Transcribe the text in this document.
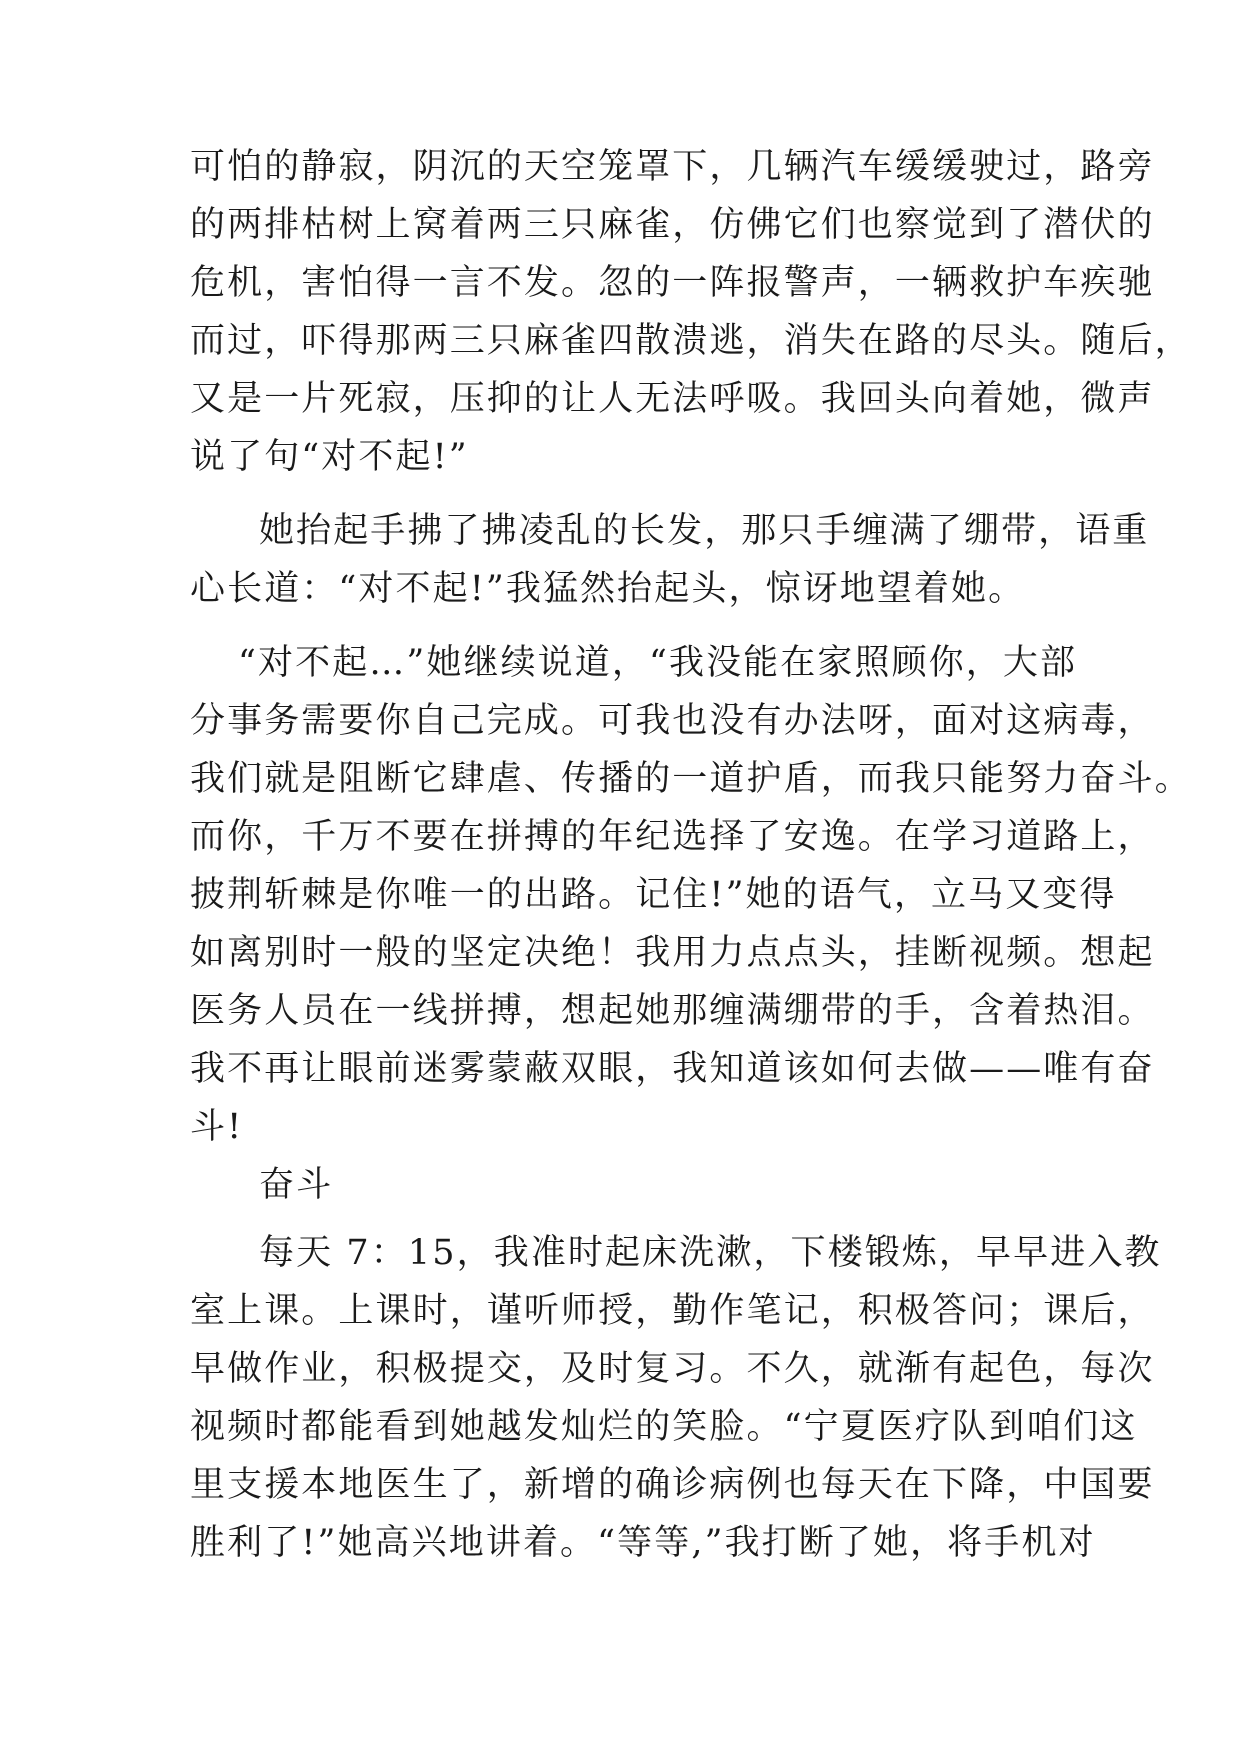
可怕的静寂，阴沉的天空笼罩下，几辆汽车缓缓驶过，路旁
的两排枯树上窝着两三只麻雀，仿佛它们也察觉到了潜伏的
危机，害怕得一言不发。忽的一阵报警声，一辆救护车疾驰
而过，吓得那两三只麻雀四散溃逃，消失在路的尽头。随后，
又是一片死寂，压抑的让人无法呼吸。我回头向着她，微声
说了句“对不起!”
她抬起手拂了拂凌乱的长发，那只手缠满了绷带，语重
心长道：“对不起!”我猛然抬起头，惊讶地望着她。
“对不起…”她继续说道，“我没能在家照顾你，大部
分事务需要你自己完成。可我也没有办法呀，面对这病毒，
我们就是阻断它肆虐、传播的一道护盾，而我只能努力奋斗。
而你，千万不要在拼搏的年纪选择了安逸。在学习道路上，
披荆斩棘是你唯一的出路。记住!”她的语气，立马又变得
如离别时一般的坚定决绝！我用力点点头，挂断视频。想起
医务人员在一线拼搏，想起她那缠满绷带的手，含着热泪。
我不再让眼前迷雾蒙蔽双眼，我知道该如何去做——唯有奋
斗!
奋斗
每天 7：15，我准时起床洗漱，下楼锻炼，早早进入教
室上课。上课时，谨听师授，勤作笔记，积极答问；课后，
早做作业，积极提交，及时复习。不久，就渐有起色，每次
视频时都能看到她越发灿烂的笑脸。“宁夏医疗队到咱们这
里支援本地医生了，新增的确诊病例也每天在下降，中国要
胜利了!”她高兴地讲着。“等等,”我打断了她，将手机对
